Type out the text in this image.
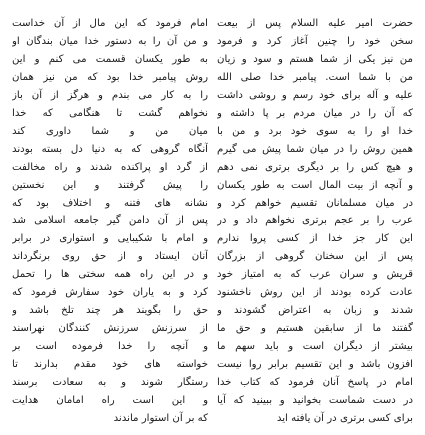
امام فرمود که این مال از آن خداست
و من آن را به دستور خدا میان بندگان او
به طور یکسان قسمت می کنم و این
روش پیامبر خدا بود که من نیز همان
را به کار می بندم و هرگز از آن باز
نخواهم گشت تا هنگامی که خدا
میان من و شما داوری کند
آنگاه گروهی که به دنیا دل بسته بودند
از گرد او پراکنده شدند و راه مخالفت
را پیش گرفتند و این نخستین
نشانه های فتنه و اختلاف بود که
پس از آن دامن گیر جامعه اسلامی شد
و امام با شکیبایی و استواری در برابر
آنان ایستاد و از حق روی برنگرداند
و در این راه همه سختی ها را تحمل
کرد و به یاران خود سفارش فرمود که
حق را بگویند هر چند تلخ باشد و
از سرزنش سرزنش کنندگان نهراسند
و آنچه را خدا فرموده است بر
خواسته های خود مقدم بدارند تا
رستگار شوند و به سعادت برسند
و این است راه امامان هدایت
که بر آن استوار ماندند
حضرت امیر علیه السلام پس از بیعت
سخن خود را چنین آغاز کرد و فرمود
من نیز یکی از شما هستم و سود و زیان
من با شما است. پیامبر خدا صلی الله
علیه و آله برای خود رسم و روشی داشت
که آن را در میان مردم بر پا داشته و
خدا او را به سوی خود برد و من با
همین روش را در میان شما پیش می گیرم
و هیچ کس را بر دیگری برتری نمی دهم
و آنچه از بیت المال است به طور یکسان
در میان مسلمانان تقسیم خواهم کرد و
عرب را بر عجم برتری نخواهم داد و در
این کار جز خدا از کسی پروا ندارم
پس از این سخنان گروهی از بزرگان
قریش و سران عرب که به امتیاز خود
عادت کرده بودند از این روش ناخشنود
شدند و زبان به اعتراض گشودند و
گفتند ما از سابقین هستیم و حق ما
بیشتر از دیگران است و باید سهم ما
افزون باشد و این تقسیم برابر روا نیست
امام در پاسخ آنان فرمود که کتاب خدا
در دست شماست بخوانید و ببینید که آیا
برای کسی برتری در آن یافته اید
